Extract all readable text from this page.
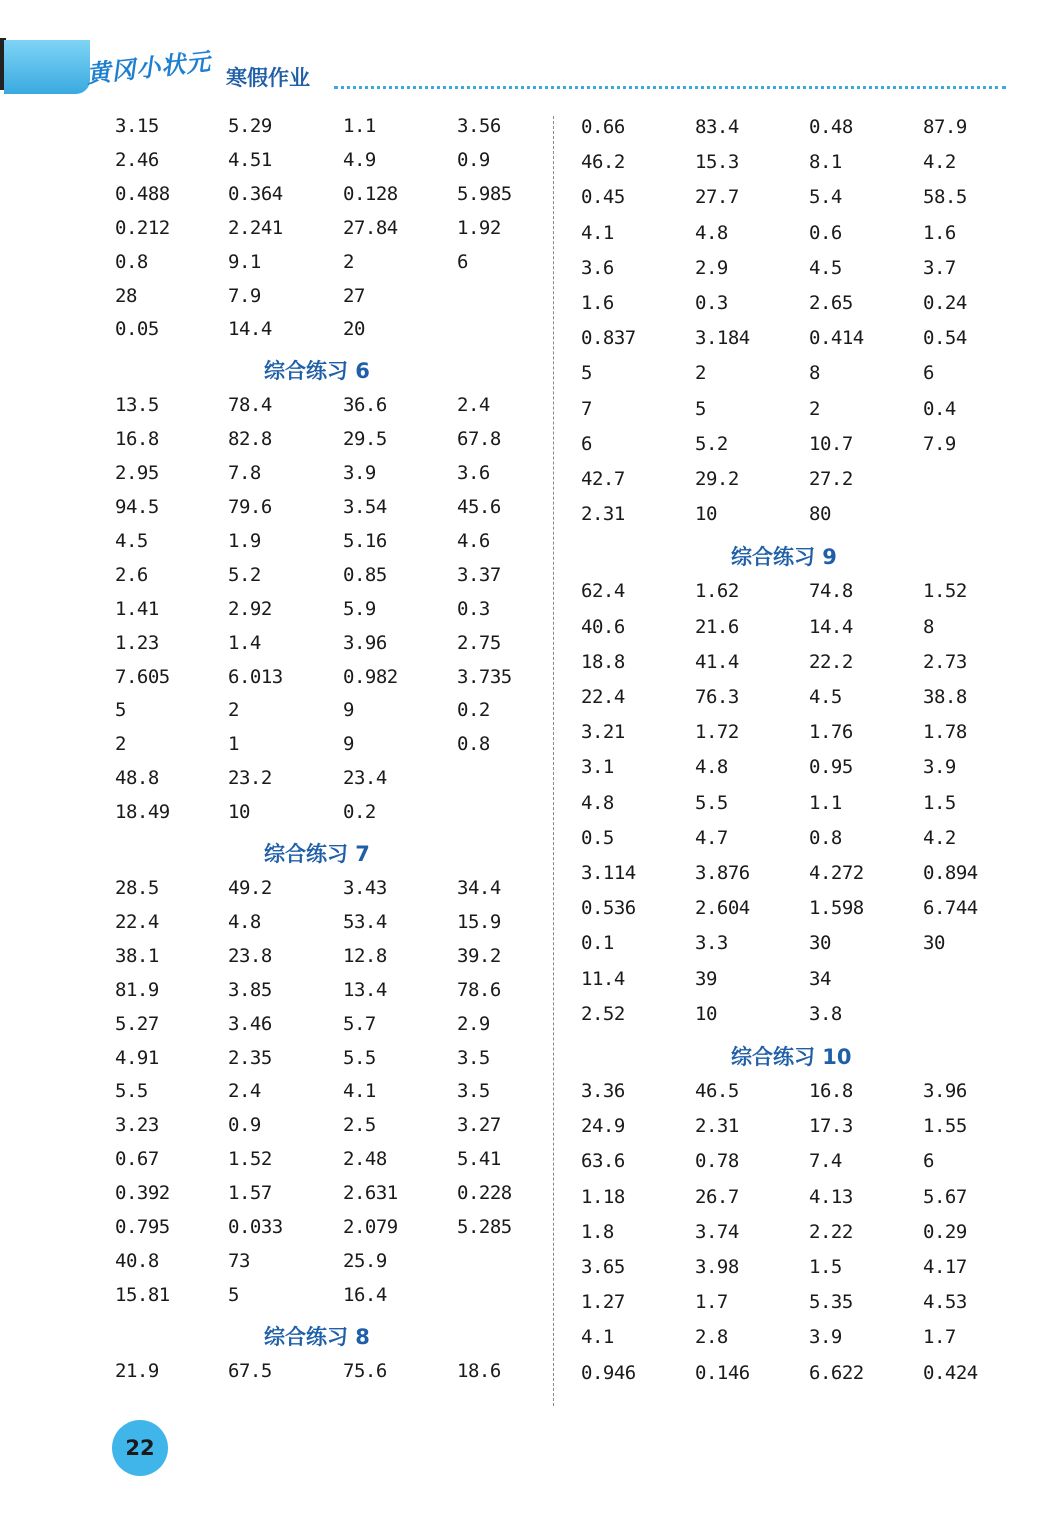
黄冈小状元 寒假作业
3.15	5.29	1.1	3.56
2.46	4.51	4.9	0.9
0.488	0.364	0.128	5.985
0.212	2.241	27.84	1.92
0.8	9.1	2	6
28	7.9	27
0.05	14.4	20
综合练习 6
13.5	78.4	36.6	2.4
16.8	82.8	29.5	67.8
2.95	7.8	3.9	3.6
94.5	79.6	3.54	45.6
4.5	1.9	5.16	4.6
2.6	5.2	0.85	3.37
1.41	2.92	5.9	0.3
1.23	1.4	3.96	2.75
7.605	6.013	0.982	3.735
5	2	9	0.2
2	1	9	0.8
48.8	23.2	23.4
18.49	10	0.2
综合练习 7
28.5	49.2	3.43	34.4
22.4	4.8	53.4	15.9
38.1	23.8	12.8	39.2
81.9	3.85	13.4	78.6
5.27	3.46	5.7	2.9
4.91	2.35	5.5	3.5
5.5	2.4	4.1	3.5
3.23	0.9	2.5	3.27
0.67	1.52	2.48	5.41
0.392	1.57	2.631	0.228
0.795	0.033	2.079	5.285
40.8	73	25.9
15.81	5	16.4
综合练习 8
21.9	67.5	75.6	18.6
0.66	83.4	0.48	87.9
46.2	15.3	8.1	4.2
0.45	27.7	5.4	58.5
4.1	4.8	0.6	1.6
3.6	2.9	4.5	3.7
1.6	0.3	2.65	0.24
0.837	3.184	0.414	0.54
5	2	8	6
7	5	2	0.4
6	5.2	10.7	7.9
42.7	29.2	27.2
2.31	10	80
综合练习 9
62.4	1.62	74.8	1.52
40.6	21.6	14.4	8
18.8	41.4	22.2	2.73
22.4	76.3	4.5	38.8
3.21	1.72	1.76	1.78
3.1	4.8	0.95	3.9
4.8	5.5	1.1	1.5
0.5	4.7	0.8	4.2
3.114	3.876	4.272	0.894
0.536	2.604	1.598	6.744
0.1	3.3	30	30
11.4	39	34
2.52	10	3.8
综合练习 10
3.36	46.5	16.8	3.96
24.9	2.31	17.3	1.55
63.6	0.78	7.4	6
1.18	26.7	4.13	5.67
1.8	3.74	2.22	0.29
3.65	3.98	1.5	4.17
1.27	1.7	5.35	4.53
4.1	2.8	3.9	1.7
0.946	0.146	6.622	0.424
22
